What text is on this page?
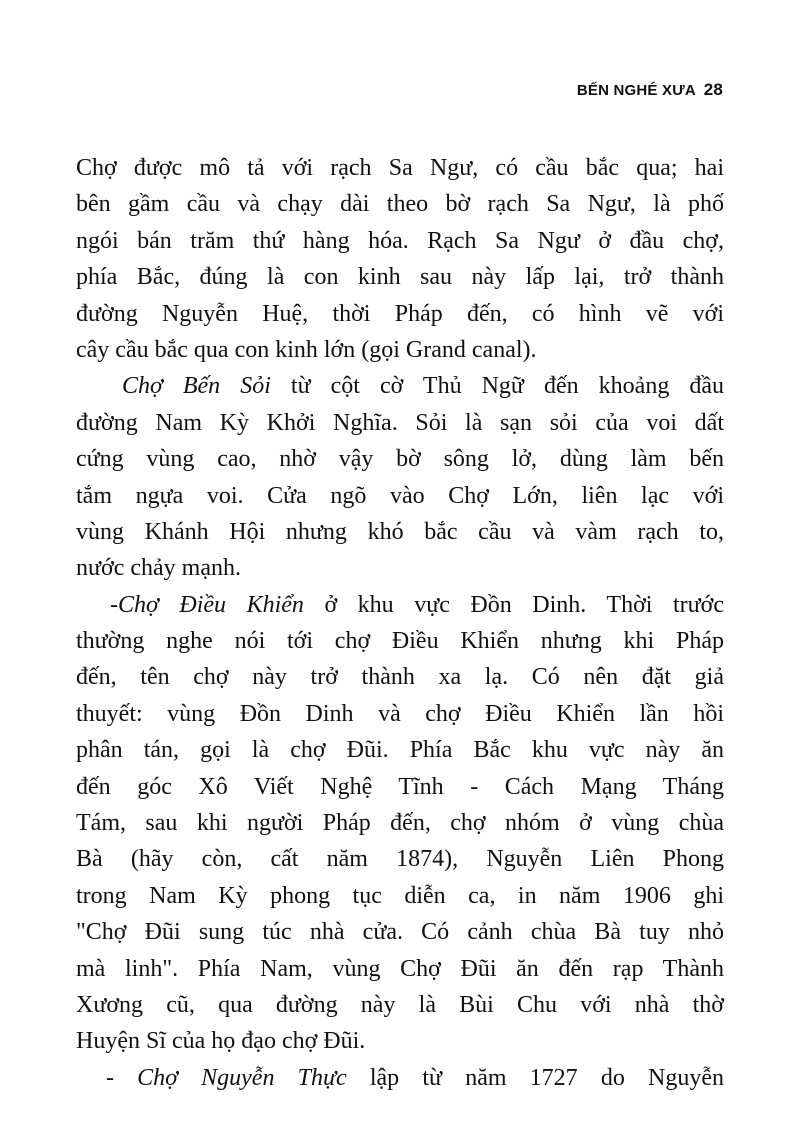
BẾN NGHÉ XƯA 28
Chợ được mô tả với rạch Sa Ngư, có cầu bắc qua; hai
bên gầm cầu và chạy dài theo bờ rạch Sa Ngư, là phố
ngói bán trăm thứ hàng hóa. Rạch Sa Ngư ở đầu chợ,
phía Bắc, đúng là con kinh sau này lấp lại, trở thành
đường Nguyễn Huệ, thời Pháp đến, có hình vẽ với
cây cầu bắc qua con kinh lớn (gọi Grand canal).
Chợ Bến Sỏi từ cột cờ Thủ Ngữ đến khoảng đầu
đường Nam Kỳ Khởi Nghĩa. Sỏi là sạn sỏi của voi dất
cứng vùng cao, nhờ vậy bờ sông lở, dùng làm bến
tắm ngựa voi. Cửa ngõ vào Chợ Lớn, liên lạc với
vùng Khánh Hội nhưng khó bắc cầu và vàm rạch to,
nước chảy mạnh.
-Chợ Điều Khiển ở khu vực Đồn Dinh. Thời trước
thường nghe nói tới chợ Điều Khiển nhưng khi Pháp
đến, tên chợ này trở thành xa lạ. Có nên đặt giả
thuyết: vùng Đồn Dinh và chợ Điều Khiển lần hồi
phân tán, gọi là chợ Đũi. Phía Bắc khu vực này ăn
đến góc Xô Viết Nghệ Tĩnh - Cách Mạng Tháng
Tám, sau khi người Pháp đến, chợ nhóm ở vùng chùa
Bà (hãy còn, cất năm 1874), Nguyễn Liên Phong
trong Nam Kỳ phong tục diễn ca, in năm 1906 ghi
"Chợ Đũi sung túc nhà cửa. Có cảnh chùa Bà tuy nhỏ
mà linh". Phía Nam, vùng Chợ Đũi ăn đến rạp Thành
Xương cũ, qua đường này là Bùi Chu với nhà thờ
Huyện Sĩ của họ đạo chợ Đũi.
- Chợ Nguyễn Thực lập từ năm 1727 do Nguyễn
